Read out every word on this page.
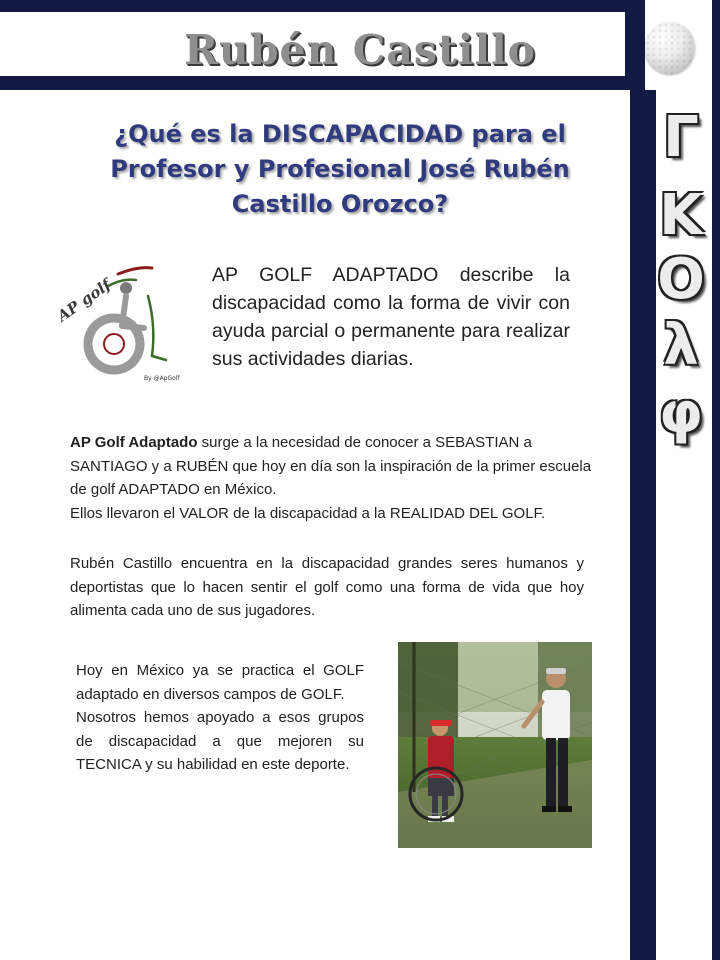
Rubén Castillo
Γ
Κ
Ο
λ
φ
¿Qué es la DISCAPACIDAD para el Profesor y Profesional José Rubén Castillo Orozco?
AP golf
By @ApGolf

AP GOLF ADAPTADO describe la discapacidad como la forma de vivir con ayuda parcial o permanente para realizar sus actividades diarias.

AP Golf Adaptado surge a la necesidad de conocer a SEBASTIAN a SANTIAGO y a RUBÉN que hoy en día son la inspiración de la primer escuela de golf ADAPTADO en México.

Ellos llevaron el VALOR de la discapacidad a la REALIDAD DEL GOLF.

Rubén Castillo encuentra en la discapacidad grandes seres humanos y deportistas que lo hacen sentir el golf como una forma de vida que hoy alimenta cada uno de sus jugadores.

Hoy en México ya se practica el GOLF adaptado en diversos campos de GOLF.

Nosotros hemos apoyado a esos grupos de discapacidad a que mejoren su TECNICA y su habilidad en este deporte.
